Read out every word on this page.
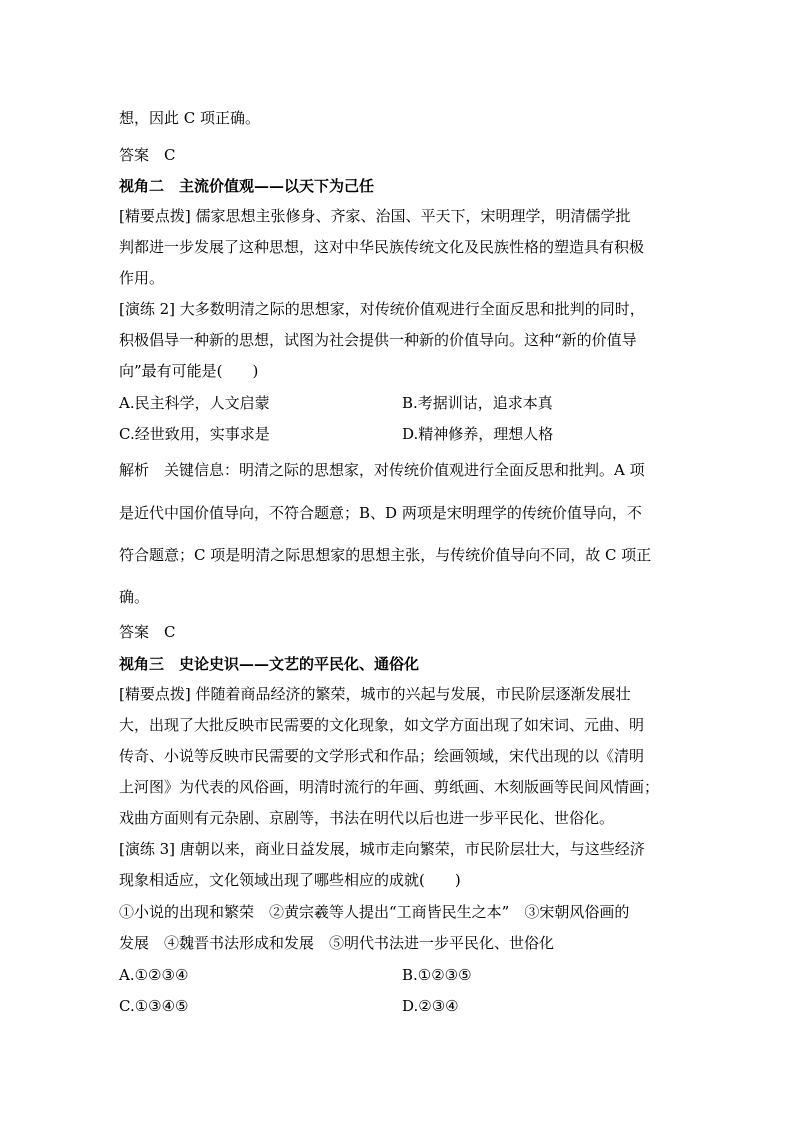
想，因此 C 项正确。
答案　C
视角二　主流价值观——以天下为己任
[精要点拨] 儒家思想主张修身、齐家、治国、平天下，宋明理学，明清儒学批
判都进一步发展了这种思想，这对中华民族传统文化及民族性格的塑造具有积极
作用。
[演练 2] 大多数明清之际的思想家，对传统价值观进行全面反思和批判的同时，
积极倡导一种新的思想，试图为社会提供一种新的价值导向。这种“新的价值导
向”最有可能是(　　)
A.民主科学，人文启蒙	B.考据训诂，追求本真
C.经世致用，实事求是	D.精神修养，理想人格
解析　关键信息：明清之际的思想家，对传统价值观进行全面反思和批判。A 项
是近代中国价值导向，不符合题意；B、D 两项是宋明理学的传统价值导向，不
符合题意；C 项是明清之际思想家的思想主张，与传统价值导向不同，故 C 项正
确。
答案　C
视角三　史论史识——文艺的平民化、通俗化
[精要点拨] 伴随着商品经济的繁荣，城市的兴起与发展，市民阶层逐渐发展壮
大，出现了大批反映市民需要的文化现象，如文学方面出现了如宋词、元曲、明
传奇、小说等反映市民需要的文学形式和作品；绘画领域，宋代出现的以《清明
上河图》为代表的风俗画，明清时流行的年画、剪纸画、木刻版画等民间风情画；
戏曲方面则有元杂剧、京剧等，书法在明代以后也进一步平民化、世俗化。
[演练 3] 唐朝以来，商业日益发展，城市走向繁荣，市民阶层壮大，与这些经济
现象相适应，文化领域出现了哪些相应的成就(　　)
①小说的出现和繁荣　②黄宗羲等人提出“工商皆民生之本”　③宋朝风俗画的
发展　④魏晋书法形成和发展　⑤明代书法进一步平民化、世俗化
A.①②③④	B.①②③⑤
C.①③④⑤	D.②③④
